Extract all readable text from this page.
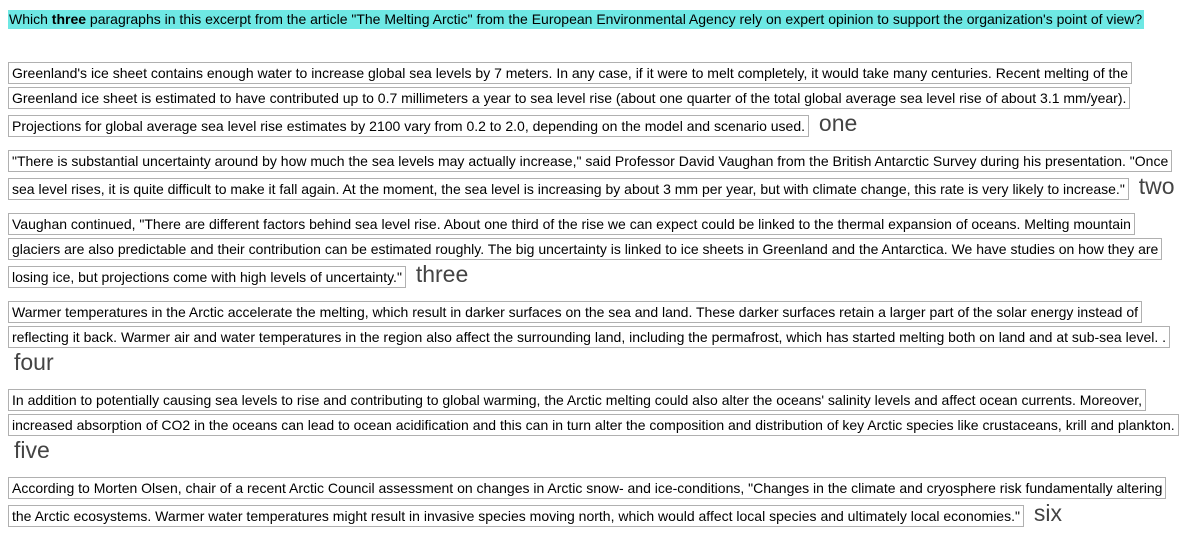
Which three paragraphs in this excerpt from the article "The Melting Arctic" from the European Environmental Agency rely on expert opinion to support the organization's point of view?
Greenland's ice sheet contains enough water to increase global sea levels by 7 meters. In any case, if it were to melt completely, it would take many centuries. Recent melting of the Greenland ice sheet is estimated to have contributed up to 0.7 millimeters a year to sea level rise (about one quarter of the total global average sea level rise of about 3.1 mm/year). Projections for global average sea level rise estimates by 2100 vary from 0.2 to 2.0, depending on the model and scenario used. one
"There is substantial uncertainty around by how much the sea levels may actually increase," said Professor David Vaughan from the British Antarctic Survey during his presentation. "Once sea level rises, it is quite difficult to make it fall again. At the moment, the sea level is increasing by about 3 mm per year, but with climate change, this rate is very likely to increase." two
Vaughan continued, "There are different factors behind sea level rise. About one third of the rise we can expect could be linked to the thermal expansion of oceans. Melting mountain glaciers are also predictable and their contribution can be estimated roughly. The big uncertainty is linked to ice sheets in Greenland and the Antarctica. We have studies on how they are losing ice, but projections come with high levels of uncertainty." three
Warmer temperatures in the Arctic accelerate the melting, which result in darker surfaces on the sea and land. These darker surfaces retain a larger part of the solar energy instead of reflecting it back. Warmer air and water temperatures in the region also affect the surrounding land, including the permafrost, which has started melting both on land and at sub-sea level. . four
In addition to potentially causing sea levels to rise and contributing to global warming, the Arctic melting could also alter the oceans' salinity levels and affect ocean currents. Moreover, increased absorption of CO2 in the oceans can lead to ocean acidification and this can in turn alter the composition and distribution of key Arctic species like crustaceans, krill and plankton. five
According to Morten Olsen, chair of a recent Arctic Council assessment on changes in Arctic snow- and ice-conditions, "Changes in the climate and cryosphere risk fundamentally altering the Arctic ecosystems. Warmer water temperatures might result in invasive species moving north, which would affect local species and ultimately local economies." six
